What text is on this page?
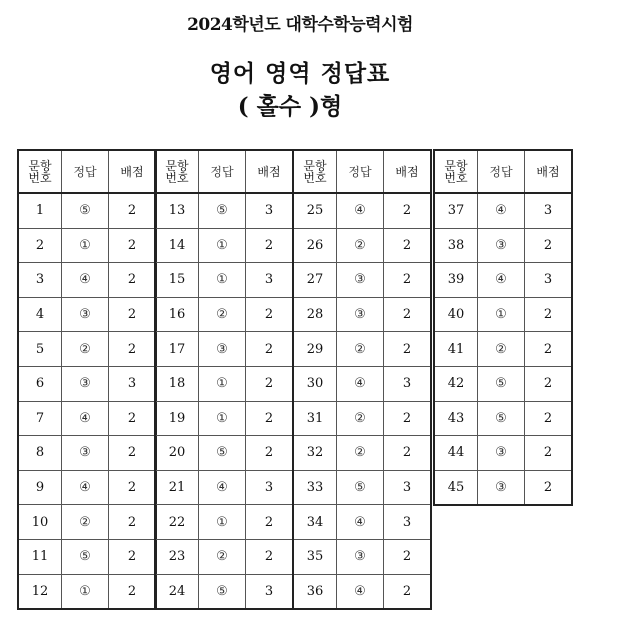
2024학년도 대학수학능력시험
영어 영역 정답표
( 홀수 )형
문항
번호	정답	배점
1	⑤	2
2	①	2
3	④	2
4	③	2
5	②	2
6	③	3
7	④	2
8	③	2
9	④	2
10	②	2
11	⑤	2
12	①	2
문항
번호	정답	배점
13	⑤	3
14	①	2
15	①	3
16	②	2
17	③	2
18	①	2
19	①	2
20	⑤	2
21	④	3
22	①	2
23	②	2
24	⑤	3
문항
번호	정답	배점
25	④	2
26	②	2
27	③	2
28	③	2
29	②	2
30	④	3
31	②	2
32	②	2
33	⑤	3
34	④	3
35	③	2
36	④	2
문항
번호	정답	배점
37	④	3
38	③	2
39	④	3
40	①	2
41	②	2
42	⑤	2
43	⑤	2
44	③	2
45	③	2
